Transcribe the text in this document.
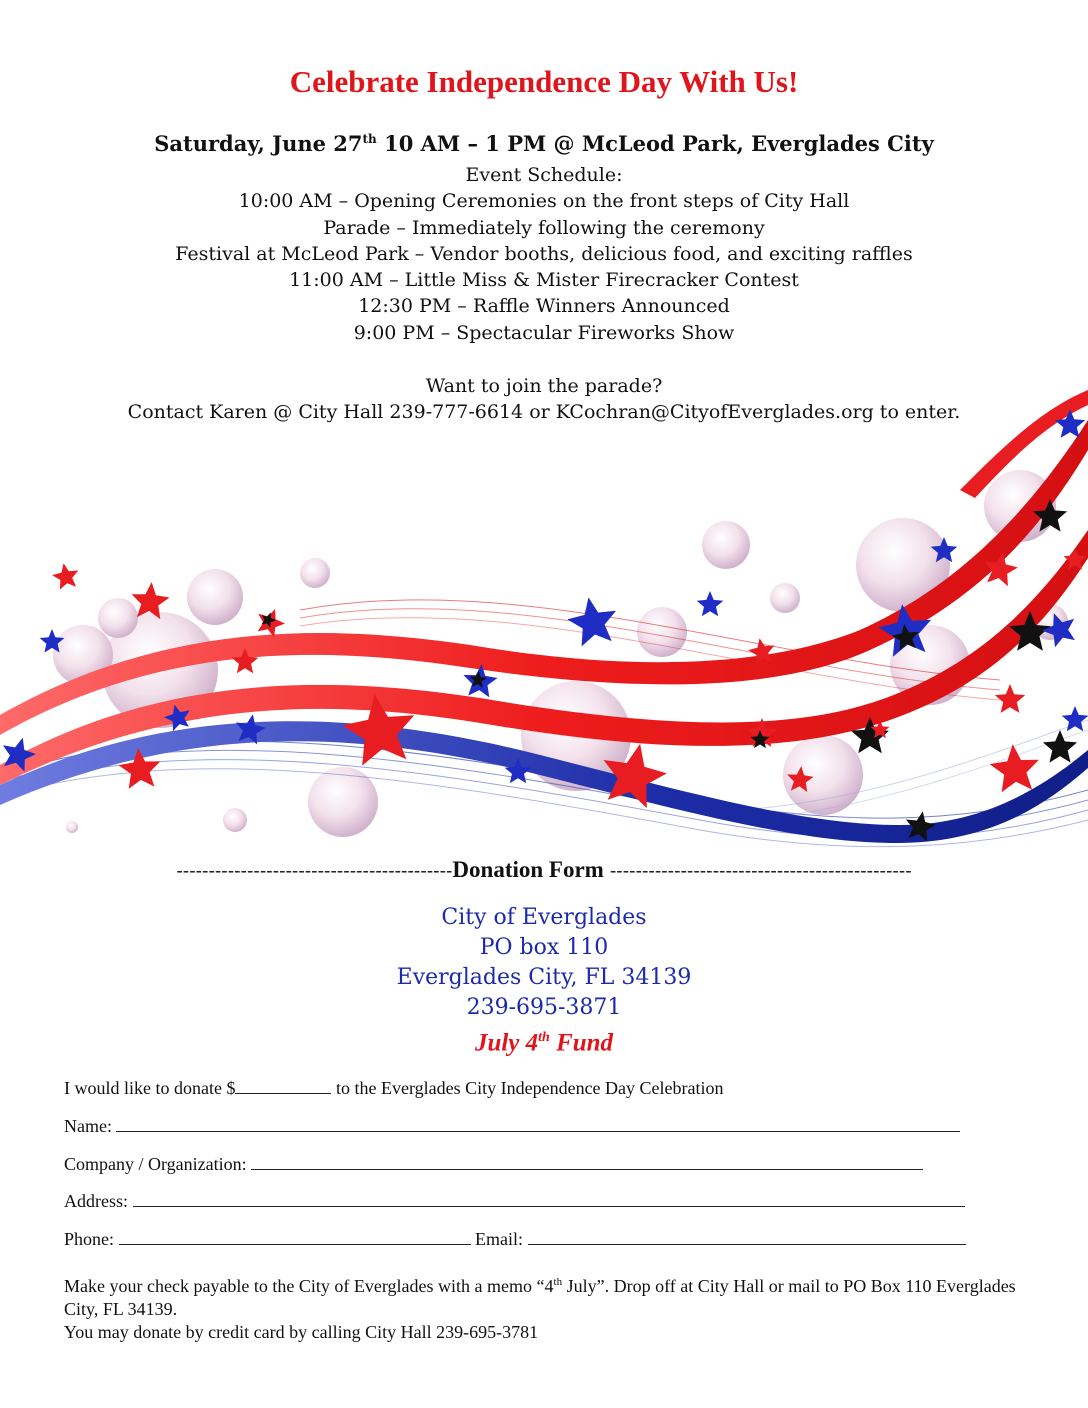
Celebrate Independence Day With Us!
Saturday, June 27th 10 AM – 1 PM @ McLeod Park, Everglades City
Event Schedule:
10:00 AM – Opening Ceremonies on the front steps of City Hall
Parade – Immediately following the ceremony
Festival at McLeod Park – Vendor booths, delicious food, and exciting raffles
11:00 AM – Little Miss & Mister Firecracker Contest
12:30 PM – Raffle Winners Announced
9:00 PM – Spectacular Fireworks Show
Want to join the parade?
Contact Karen @ City Hall 239-777-6614 or KCochran@CityofEverglades.org to enter.
-------------------------------------------Donation Form -----------------------------------------------
City of Everglades
PO box 110
Everglades City, FL 34139
239-695-3871
July 4th Fund
I would like to donate $	to the Everglades City Independence Day Celebration
Name:
Company / Organization:
Address:
Phone:	Email:
Make your check payable to the City of Everglades with a memo “4th July”. Drop off at City Hall or mail to PO Box 110 Everglades City, FL 34139.
You may donate by credit card by calling City Hall 239-695-3781
